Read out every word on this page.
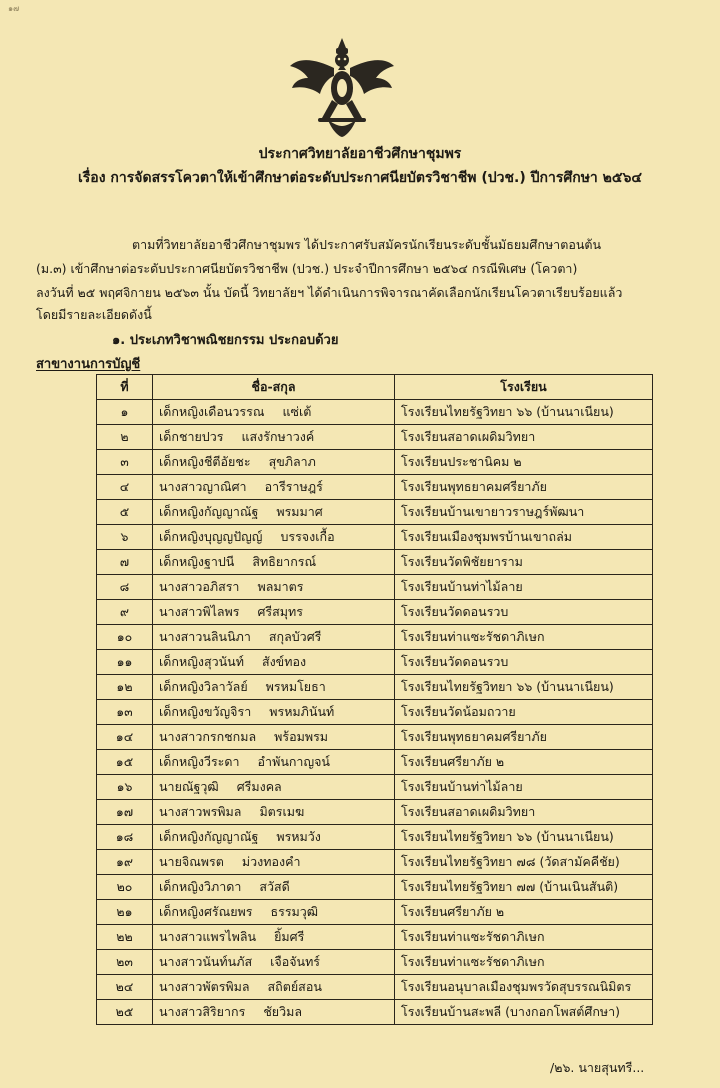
๑๗
ประกาศวิทยาลัยอาชีวศึกษาชุมพร
เรื่อง การจัดสรรโควตาให้เข้าศึกษาต่อระดับประกาศนียบัตรวิชาชีพ (ปวช.) ปีการศึกษา ๒๕๖๔
ตามที่วิทยาลัยอาชีวศึกษาชุมพร ได้ประกาศรับสมัครนักเรียนระดับชั้นมัธยมศึกษาตอนต้น
(ม.๓) เข้าศึกษาต่อระดับประกาศนียบัตรวิชาชีพ (ปวช.) ประจำปีการศึกษา ๒๕๖๔ กรณีพิเศษ (โควตา)
ลงวันที่ ๒๕ พฤศจิกายน ๒๕๖๓ นั้น บัดนี้ วิทยาลัยฯ ได้ดำเนินการพิจารณาคัดเลือกนักเรียนโควตาเรียบร้อยแล้ว
โดยมีรายละเอียดดังนี้
๑. ประเภทวิชาพณิชยกรรม ประกอบด้วย
สาขางานการบัญชี
ที่	ชื่อ-สกุล	โรงเรียน
๑	เด็กหญิงเดือนวรรณ แซ่เต้	โรงเรียนไทยรัฐวิทยา ๖๖ (บ้านนาเนียน)
๒	เด็กชายปวร แสงรักษาวงค์	โรงเรียนสอาดเผดิมวิทยา
๓	เด็กหญิงชีตีอัยชะ สุขภิลาภ	โรงเรียนประชานิคม ๒
๔	นางสาวญาณิศา อารีราษฎร์	โรงเรียนพุทธยาคมศรียาภัย
๕	เด็กหญิงกัญญาณัฐ พรมมาศ	โรงเรียนบ้านเขายาวราษฎร์พัฒนา
๖	เด็กหญิงบุญญปัญญ์ บรรจงเกื้อ	โรงเรียนเมืองชุมพรบ้านเขาถล่ม
๗	เด็กหญิงฐาปนี สิทธิยากรณ์	โรงเรียนวัดพิชัยยาราม
๘	นางสาวอภิสรา พลมาตร	โรงเรียนบ้านท่าไม้ลาย
๙	นางสาวพิไลพร ศรีสมุทร	โรงเรียนวัดดอนรวบ
๑๐	นางสาวนลินนิภา สกุลบัวศรี	โรงเรียนท่าแซะรัชดาภิเษก
๑๑	เด็กหญิงสุวนันท์ สังข์ทอง	โรงเรียนวัดดอนรวบ
๑๒	เด็กหญิงวิลาวัลย์ พรหมโยธา	โรงเรียนไทยรัฐวิทยา ๖๖ (บ้านนาเนียน)
๑๓	เด็กหญิงขวัญจิรา พรหมภินันท์	โรงเรียนวัดน้อมถวาย
๑๔	นางสาวกรกชกมล พร้อมพรม	โรงเรียนพุทธยาคมศรียาภัย
๑๕	เด็กหญิงวีระดา อำพันกาญจน์	โรงเรียนศรียาภัย ๒
๑๖	นายณัฐวุฒิ ศรีมงคล	โรงเรียนบ้านท่าไม้ลาย
๑๗	นางสาวพรพิมล มิตรเมฆ	โรงเรียนสอาดเผดิมวิทยา
๑๘	เด็กหญิงกัญญาณัฐ พรหมวัง	โรงเรียนไทยรัฐวิทยา ๖๖ (บ้านนาเนียน)
๑๙	นายจิณพรต ม่วงทองคำ	โรงเรียนไทยรัฐวิทยา ๗๘ (วัดสามัคคีชัย)
๒๐	เด็กหญิงวิภาดา สวัสดี	โรงเรียนไทยรัฐวิทยา ๗๗ (บ้านเนินสันติ)
๒๑	เด็กหญิงศรัณยพร ธรรมวุฒิ	โรงเรียนศรียาภัย ๒
๒๒	นางสาวแพรไพลิน ยิ้มศรี	โรงเรียนท่าแซะรัชดาภิเษก
๒๓	นางสาวนันท์นภัส เจือจันทร์	โรงเรียนท่าแซะรัชดาภิเษก
๒๔	นางสาวพัตรพิมล สถิตย์สอน	โรงเรียนอนุบาลเมืองชุมพรวัดสุบรรณนิมิตร
๒๕	นางสาวสิริยากร ชัยวิมล	โรงเรียนบ้านสะพลี (บางกอกโพสต์ศึกษา)
/๒๖. นายสุนทรี...
